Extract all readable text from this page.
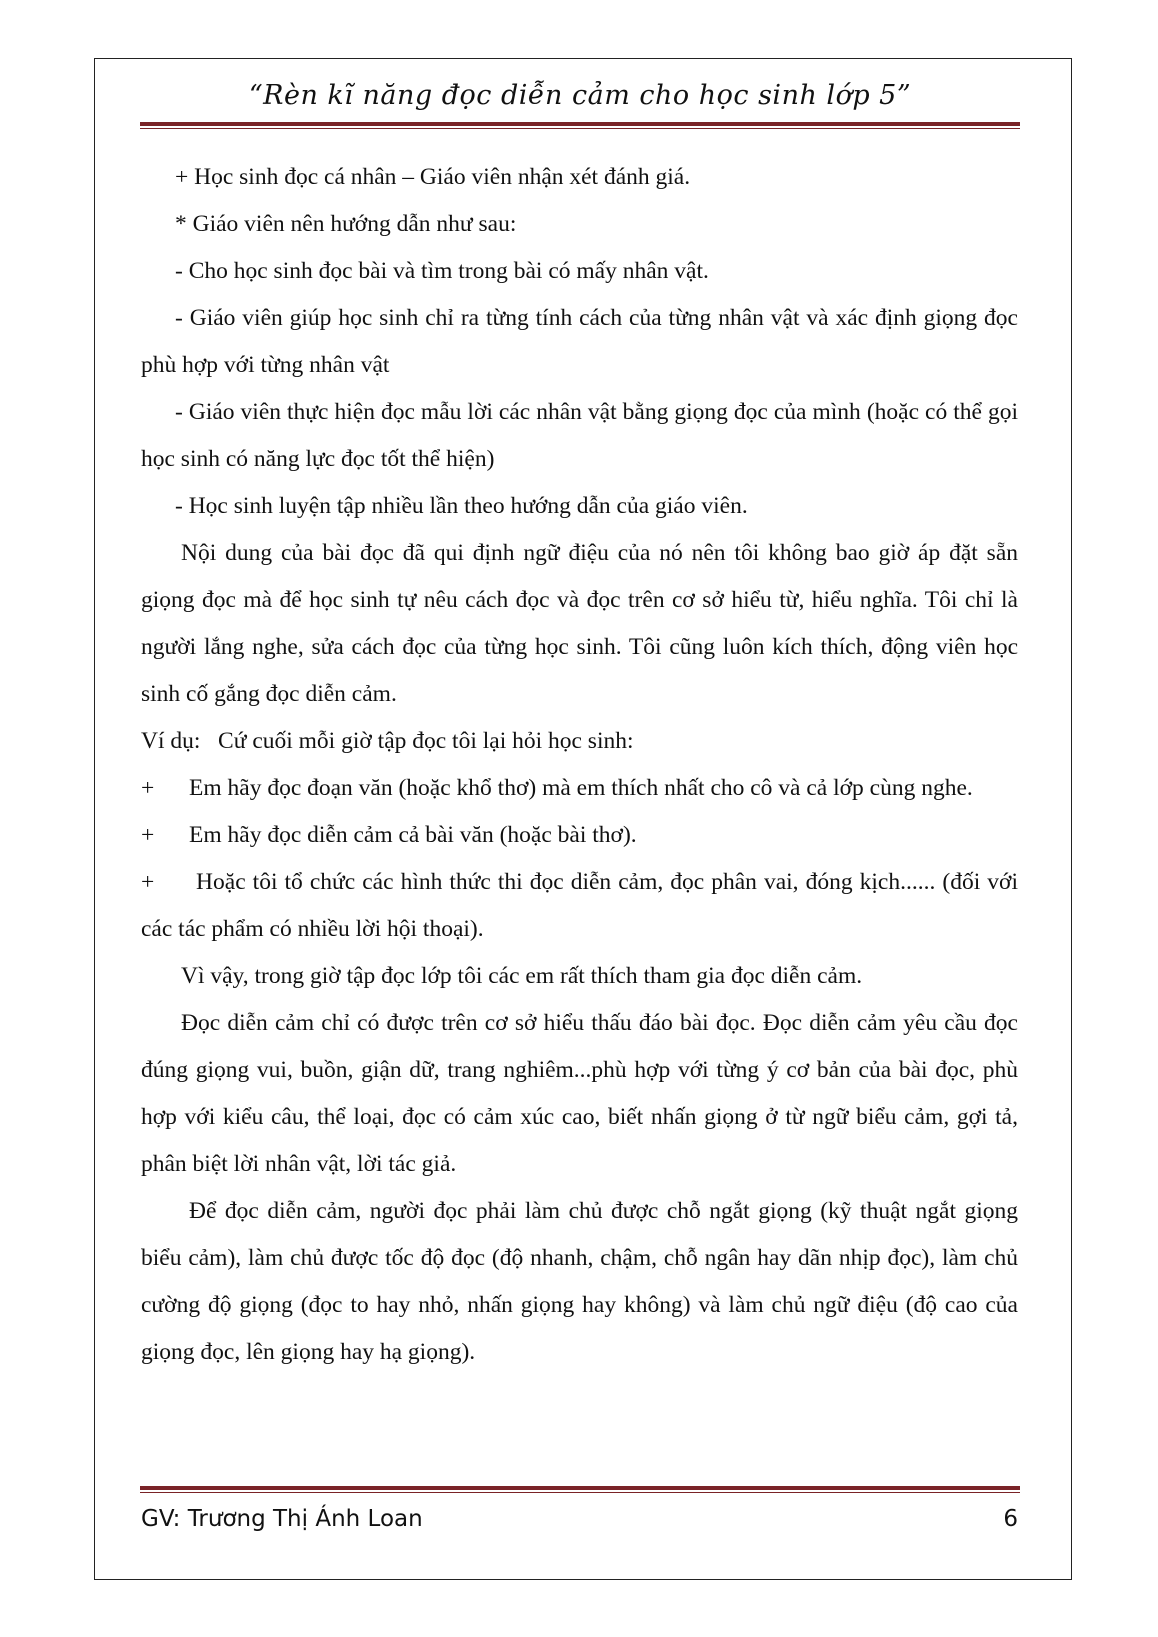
“Rèn kĩ năng đọc diễn cảm cho học sinh lớp 5”

+ Học sinh đọc cá nhân – Giáo viên nhận xét đánh giá.

* Giáo viên nên hướng dẫn như sau:

- Cho học sinh đọc bài và tìm trong bài có mấy nhân vật.

- Giáo viên giúp học sinh chỉ ra từng tính cách của từng nhân vật và xác định giọng đọc phù hợp với từng nhân vật

- Giáo viên thực hiện đọc mẫu lời các nhân vật bằng giọng đọc của mình (hoặc có thể gọi học sinh có năng lực đọc tốt thể hiện)

- Học sinh luyện tập nhiều lần theo hướng dẫn của giáo viên.

Nội dung của bài đọc đã qui định ngữ điệu của nó nên tôi không bao giờ áp đặt sẵn giọng đọc mà để học sinh tự nêu cách đọc và đọc trên cơ sở hiểu từ, hiểu nghĩa. Tôi chỉ là người lắng nghe, sửa cách đọc của từng học sinh. Tôi cũng luôn kích thích, động viên học sinh cố gắng đọc diễn cảm.

Ví dụ:   Cứ cuối mỗi giờ tập đọc tôi lại hỏi học sinh:

+ Em hãy đọc đoạn văn (hoặc khổ thơ) mà em thích nhất cho cô và cả lớp cùng nghe.

+ Em hãy đọc diễn cảm cả bài văn (hoặc bài thơ).

+ Hoặc tôi tổ chức các hình thức thi đọc diễn cảm, đọc phân vai, đóng kịch...... (đối với các tác phẩm có nhiều lời hội thoại).

Vì vậy, trong giờ tập đọc lớp tôi các em rất thích tham gia đọc diễn cảm.

Đọc diễn cảm chỉ có được trên cơ sở hiểu thấu đáo bài đọc. Đọc diễn cảm yêu cầu đọc đúng giọng vui, buồn, giận dữ, trang nghiêm...phù hợp với từng ý cơ bản của bài đọc, phù hợp với kiểu câu, thể loại, đọc có cảm xúc cao, biết nhấn giọng ở từ ngữ biểu cảm, gợi tả, phân biệt lời nhân vật, lời tác giả.

Để đọc diễn cảm, người đọc phải làm chủ được chỗ ngắt giọng (kỹ thuật ngắt giọng biểu cảm), làm chủ được tốc độ đọc (độ nhanh, chậm, chỗ ngân hay dãn nhịp đọc), làm chủ cường độ giọng (đọc to hay nhỏ, nhấn giọng hay không) và làm chủ ngữ điệu (độ cao của giọng đọc, lên giọng hay hạ giọng).

GV: Trương Thị Ánh Loan	6
